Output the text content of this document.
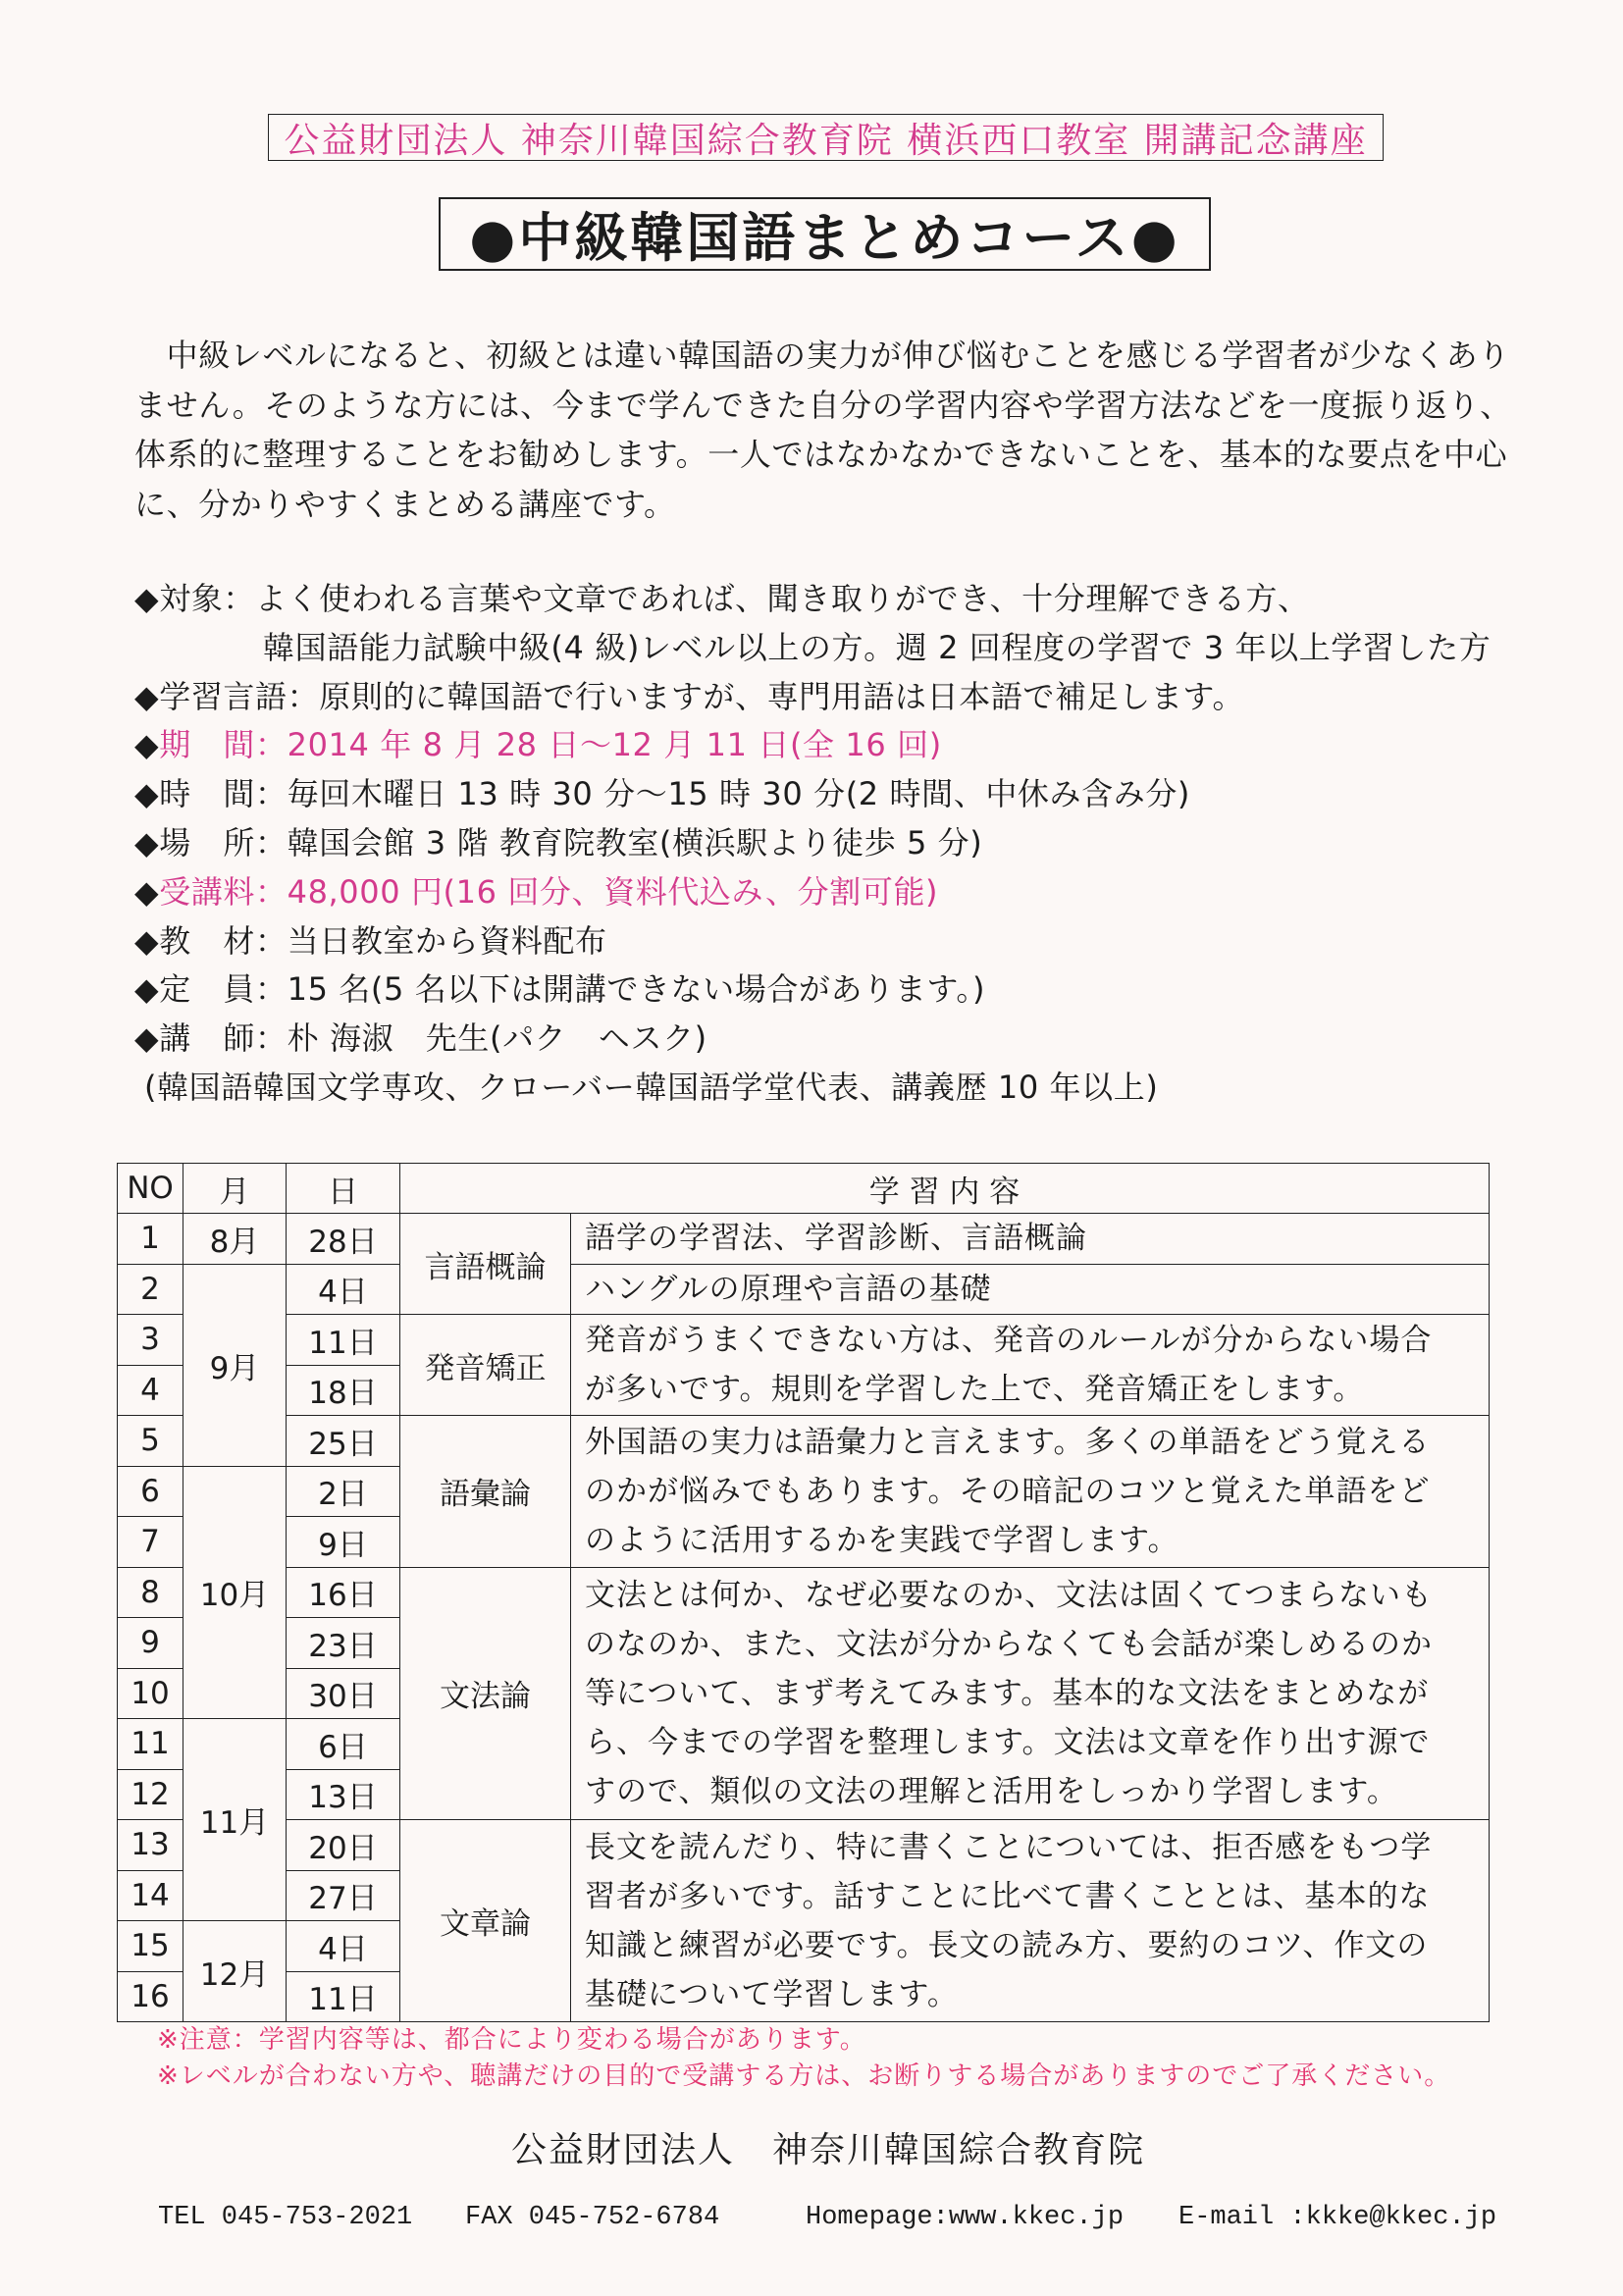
公益財団法人 神奈川韓国綜合教育院 横浜西口教室 開講記念講座
●中級韓国語まとめコース●
　中級レベルになると、初級とは違い韓国語の実力が伸び悩むことを感じる学習者が少なくあり
ません。そのような方には、今まで学んできた自分の学習内容や学習方法などを一度振り返り、
体系的に整理することをお勧めします。一人ではなかなかできないことを、基本的な要点を中心
に、分かりやすくまとめる講座です。
◆対象：よく使われる言葉や文章であれば、聞き取りができ、十分理解できる方、
韓国語能力試験中級(4 級)レベル以上の方。週 2 回程度の学習で 3 年以上学習した方
◆学習言語：原則的に韓国語で行いますが、専門用語は日本語で補足します。
◆期　間：2014 年 8 月 28 日～12 月 11 日(全 16 回)
◆時　間：毎回木曜日 13 時 30 分～15 時 30 分(2 時間、中休み含み分)
◆場　所：韓国会館 3 階 教育院教室(横浜駅より徒歩 5 分)
◆受講料：48,000 円(16 回分、資料代込み、分割可能)
◆教　材：当日教室から資料配布
◆定　員：15 名(5 名以下は開講できない場合があります。)
◆講　師：朴 海淑　先生(パク　ヘスク)
(韓国語韓国文学専攻、クローバー韓国語学堂代表、講義歴 10 年以上)
NO	月	日	学 習 内 容	
1	8月	28日	言語概論	語学の学習法、学習診断、言語概論

2	9月	4日		ハングルの原理や言語の基礎

3		11日	発音矯正	発音がうまくできない方は、発音のルールが分からない場合
が多いです。規則を学習した上で、発音矯正をします。

4		18日		
5		25日	語彙論	外国語の実力は語彙力と言えます。多くの単語をどう覚える
のかが悩みでもあります。その暗記のコツと覚えた単語をど
のように活用するかを実践で学習します。

6	10月	2日		
7		9日		
8		16日	文法論	文法とは何か、なぜ必要なのか、文法は固くてつまらないも
のなのか、また、文法が分からなくても会話が楽しめるのか
等について、まず考えてみます。基本的な文法をまとめなが
ら、今までの学習を整理します。文法は文章を作り出す源で
すので、類似の文法の理解と活用をしっかり学習します。

9		23日		
10		30日		
11	11月	6日		
12		13日		
13		20日	文章論	長文を読んだり、特に書くことについては、拒否感をもつ学
習者が多いです。話すことに比べて書くこととは、基本的な
知識と練習が必要です。長文の読み方、要約のコツ、作文の
基礎について学習します。

14		27日		
15	12月	4日		
16		11日		
※注意：学習内容等は、都合により変わる場合があります。
※レベルが合わない方や、聴講だけの目的で受講する方は、お断りする場合がありますのでご了承ください。
公益財団法人　神奈川韓国綜合教育院
TEL 045-753-2021 FAX 045-752-6784	Homepage:www.kkec.jp E-mail :kkke@kkec.jp
